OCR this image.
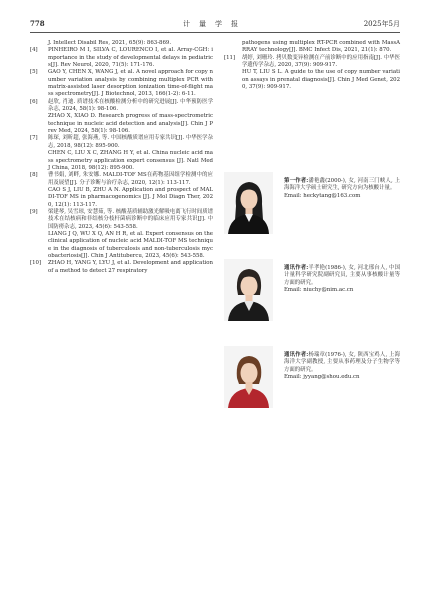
778	计量学报	2025年5月

J. Intellect Disabil Res, 2021, 65(9): 863-869.

[4] PINHEIRO M I, SILVA C, LOURENCO I, et al. Array-CGH: importance in the study of developmental delays in pediatrics[J]. Rev Neurol, 2020, 71(5): 171-176.

[5] GAO Y, CHEN X, WANG J, et al. A novel approach for copy number variation analysis by combining multiplex PCR with matrix-assisted laser desorption ionization time-of-flight mass spectrometry[J]. J Biotechnol, 2013, 166(1-2): 6-11.

[6] 赵欣, 肖迪. 质谱技术在核酸检测分析中的研究进展[J]. 中华预防医学杂志, 2024, 58(1): 98-106.

ZHAO X, XIAO D. Research progress of mass-spectrometric technique in nucleic acid detection and analysis[J]. Chin J Prev Med, 2024, 58(1): 98-106.

[7] 陈琛, 刘昕超, 张海燕, 等. 中国核酸质谱应用专家共识[J]. 中华医学杂志, 2018, 98(12): 895-900.

CHEN C, LIU X C, ZHANG H Y, et al. China nucleic acid mass spectrometry application expert consensus [J]. Natl Med J China, 2018, 98(12): 895-900.

[8] 曹书娟, 刘畔, 朱安娜. MALDI-TOF MS在药物基因组学检测中的应用及展望[J]. 分子诊断与治疗杂志, 2020, 12(1): 113-117.

CAO S J, LIU B, ZHU A N. Application and prospect of MALDI-TOF MS in pharmacogenomics [J]. J Mol Diagn Ther, 2020, 12(1): 113-117.

[9] 梁建琴, 吴雪琼, 安慧茹, 等. 核酸基质辅助激光解吸电离飞行时间质谱技术在结核病和非结核分枝杆菌病诊断中的临床应用专家共识[J]. 中国防痨杂志, 2023, 45(6): 543-558.

LIANG J Q, WU X Q, AN H R, et al. Expert consensus on the clinical application of nucleic acid MALDI-TOF MS technique in the diagnosis of tuberculosis and non-tuberculosis mycobacteriosis[J]. Chin J Antitubercu, 2023, 45(6): 543-558.

[10] ZHAO H, YANG Y, LYU J, et al. Development and application of a method to detect 27 respiratory

pathogens using multiplex RT-PCR combined with MassARRAY technology[J]. BMC Infect Dis, 2021, 21(1): 870.

[11] 胡婷, 刘珊玲. 拷贝数变异检测在产前诊断中的应用指南[J]. 中华医学遗传学杂志, 2020, 37(9): 909-917.

HU T, LIU S L. A guide to the use of copy number variation assays in prenatal diagnosis[J]. Chin J Med Genet, 2020, 37(9): 909-917.

第一作者:潘艳鑫(2000-), 女, 河南三门峡人, 上海海洋大学硕士研究生, 研究方向为核酸计量。
Email: heckytang@163.com
通讯作者:半孝艳(1986-), 女, 河北邢台人, 中国计量科学研究院副研究员, 主要从事核酸计量等方面的研究。
Email: niuchy@nim.ac.cn
通讯作者:杨瑞章(1976-), 女, 陕西宝鸡人, 上海海洋大学副教授, 主要从事药理及分子生物学等方面的研究。
Email: jyyang@shou.edu.cn
